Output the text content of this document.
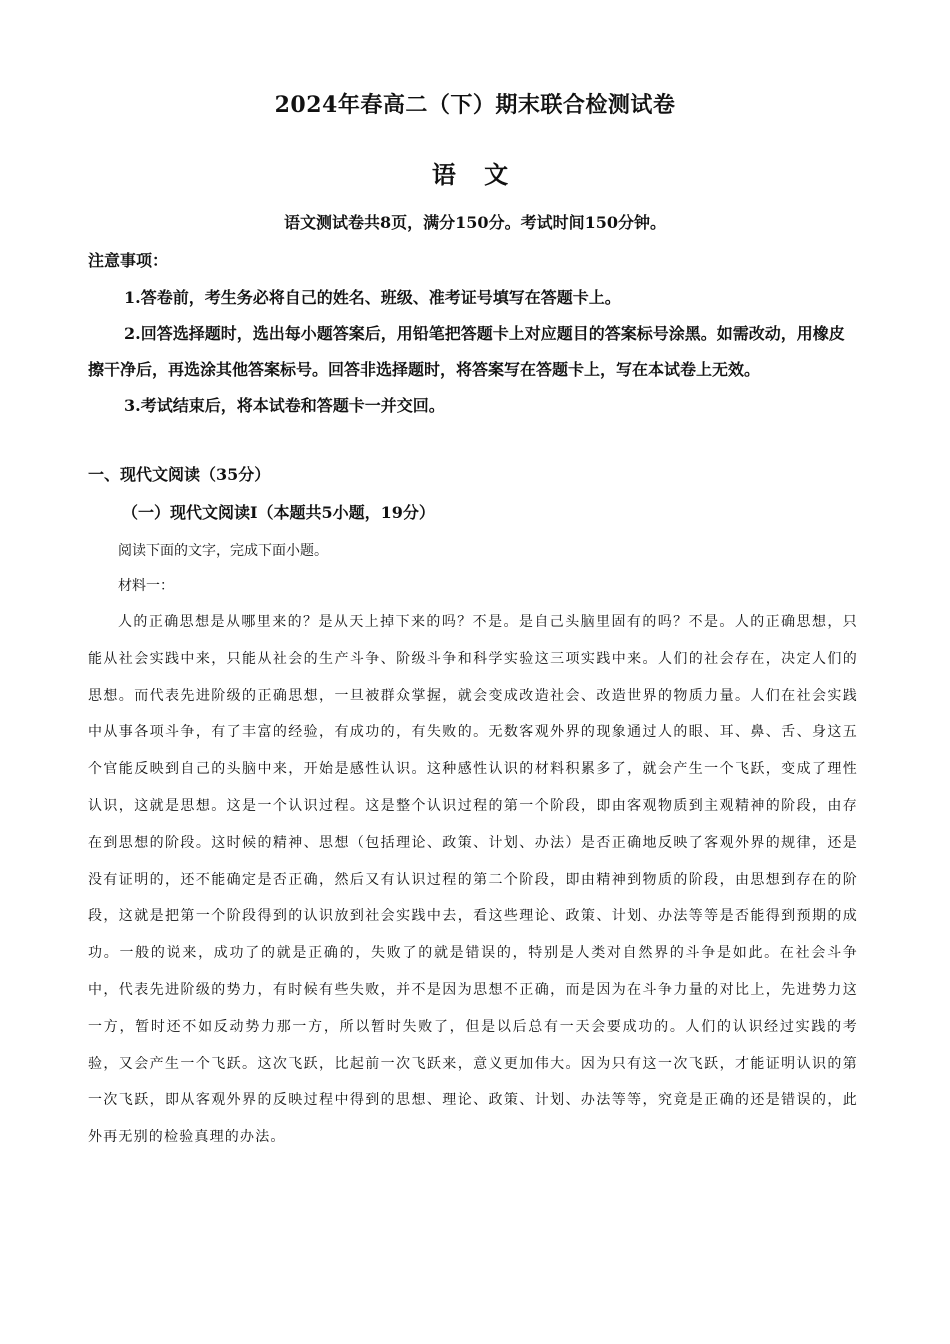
2024年春高二（下）期末联合检测试卷
语 文
语文测试卷共8页，满分150分。考试时间150分钟。
注意事项：

1.答卷前，考生务必将自己的姓名、班级、准考证号填写在答题卡上。

2.回答选择题时，选出每小题答案后，用铅笔把答题卡上对应题目的答案标号涂黑。如需改动，用橡皮擦干净后，再选涂其他答案标号。回答非选择题时，将答案写在答题卡上，写在本试卷上无效。

3.考试结束后，将本试卷和答题卡一并交回。

一、现代文阅读（35分）
（一）现代文阅读Ⅰ（本题共5小题，19分）
阅读下面的文字，完成下面小题。
材料一：

人的正确思想是从哪里来的？是从天上掉下来的吗？不是。是自己头脑里固有的吗？不是。人的正确思想，只能从社会实践中来，只能从社会的生产斗争、阶级斗争和科学实验这三项实践中来。人们的社会存在，决定人们的思想。而代表先进阶级的正确思想，一旦被群众掌握，就会变成改造社会、改造世界的物质力量。人们在社会实践中从事各项斗争，有了丰富的经验，有成功的，有失败的。无数客观外界的现象通过人的眼、耳、鼻、舌、身这五个官能反映到自己的头脑中来，开始是感性认识。这种感性认识的材料积累多了，就会产生一个飞跃，变成了理性认识，这就是思想。这是一个认识过程。这是整个认识过程的第一个阶段，即由客观物质到主观精神的阶段，由存在到思想的阶段。这时候的精神、思想（包括理论、政策、计划、办法）是否正确地反映了客观外界的规律，还是没有证明的，还不能确定是否正确，然后又有认识过程的第二个阶段，即由精神到物质的阶段，由思想到存在的阶段，这就是把第一个阶段得到的认识放到社会实践中去，看这些理论、政策、计划、办法等等是否能得到预期的成功。一般的说来，成功了的就是正确的，失败了的就是错误的，特别是人类对自然界的斗争是如此。在社会斗争中，代表先进阶级的势力，有时候有些失败，并不是因为思想不正确，而是因为在斗争力量的对比上，先进势力这一方，暂时还不如反动势力那一方，所以暂时失败了，但是以后总有一天会要成功的。人们的认识经过实践的考验，又会产生一个飞跃。这次飞跃，比起前一次飞跃来，意义更加伟大。因为只有这一次飞跃，才能证明认识的第一次飞跃，即从客观外界的反映过程中得到的思想、理论、政策、计划、办法等等，究竟是正确的还是错误的，此外再无别的检验真理的办法。
